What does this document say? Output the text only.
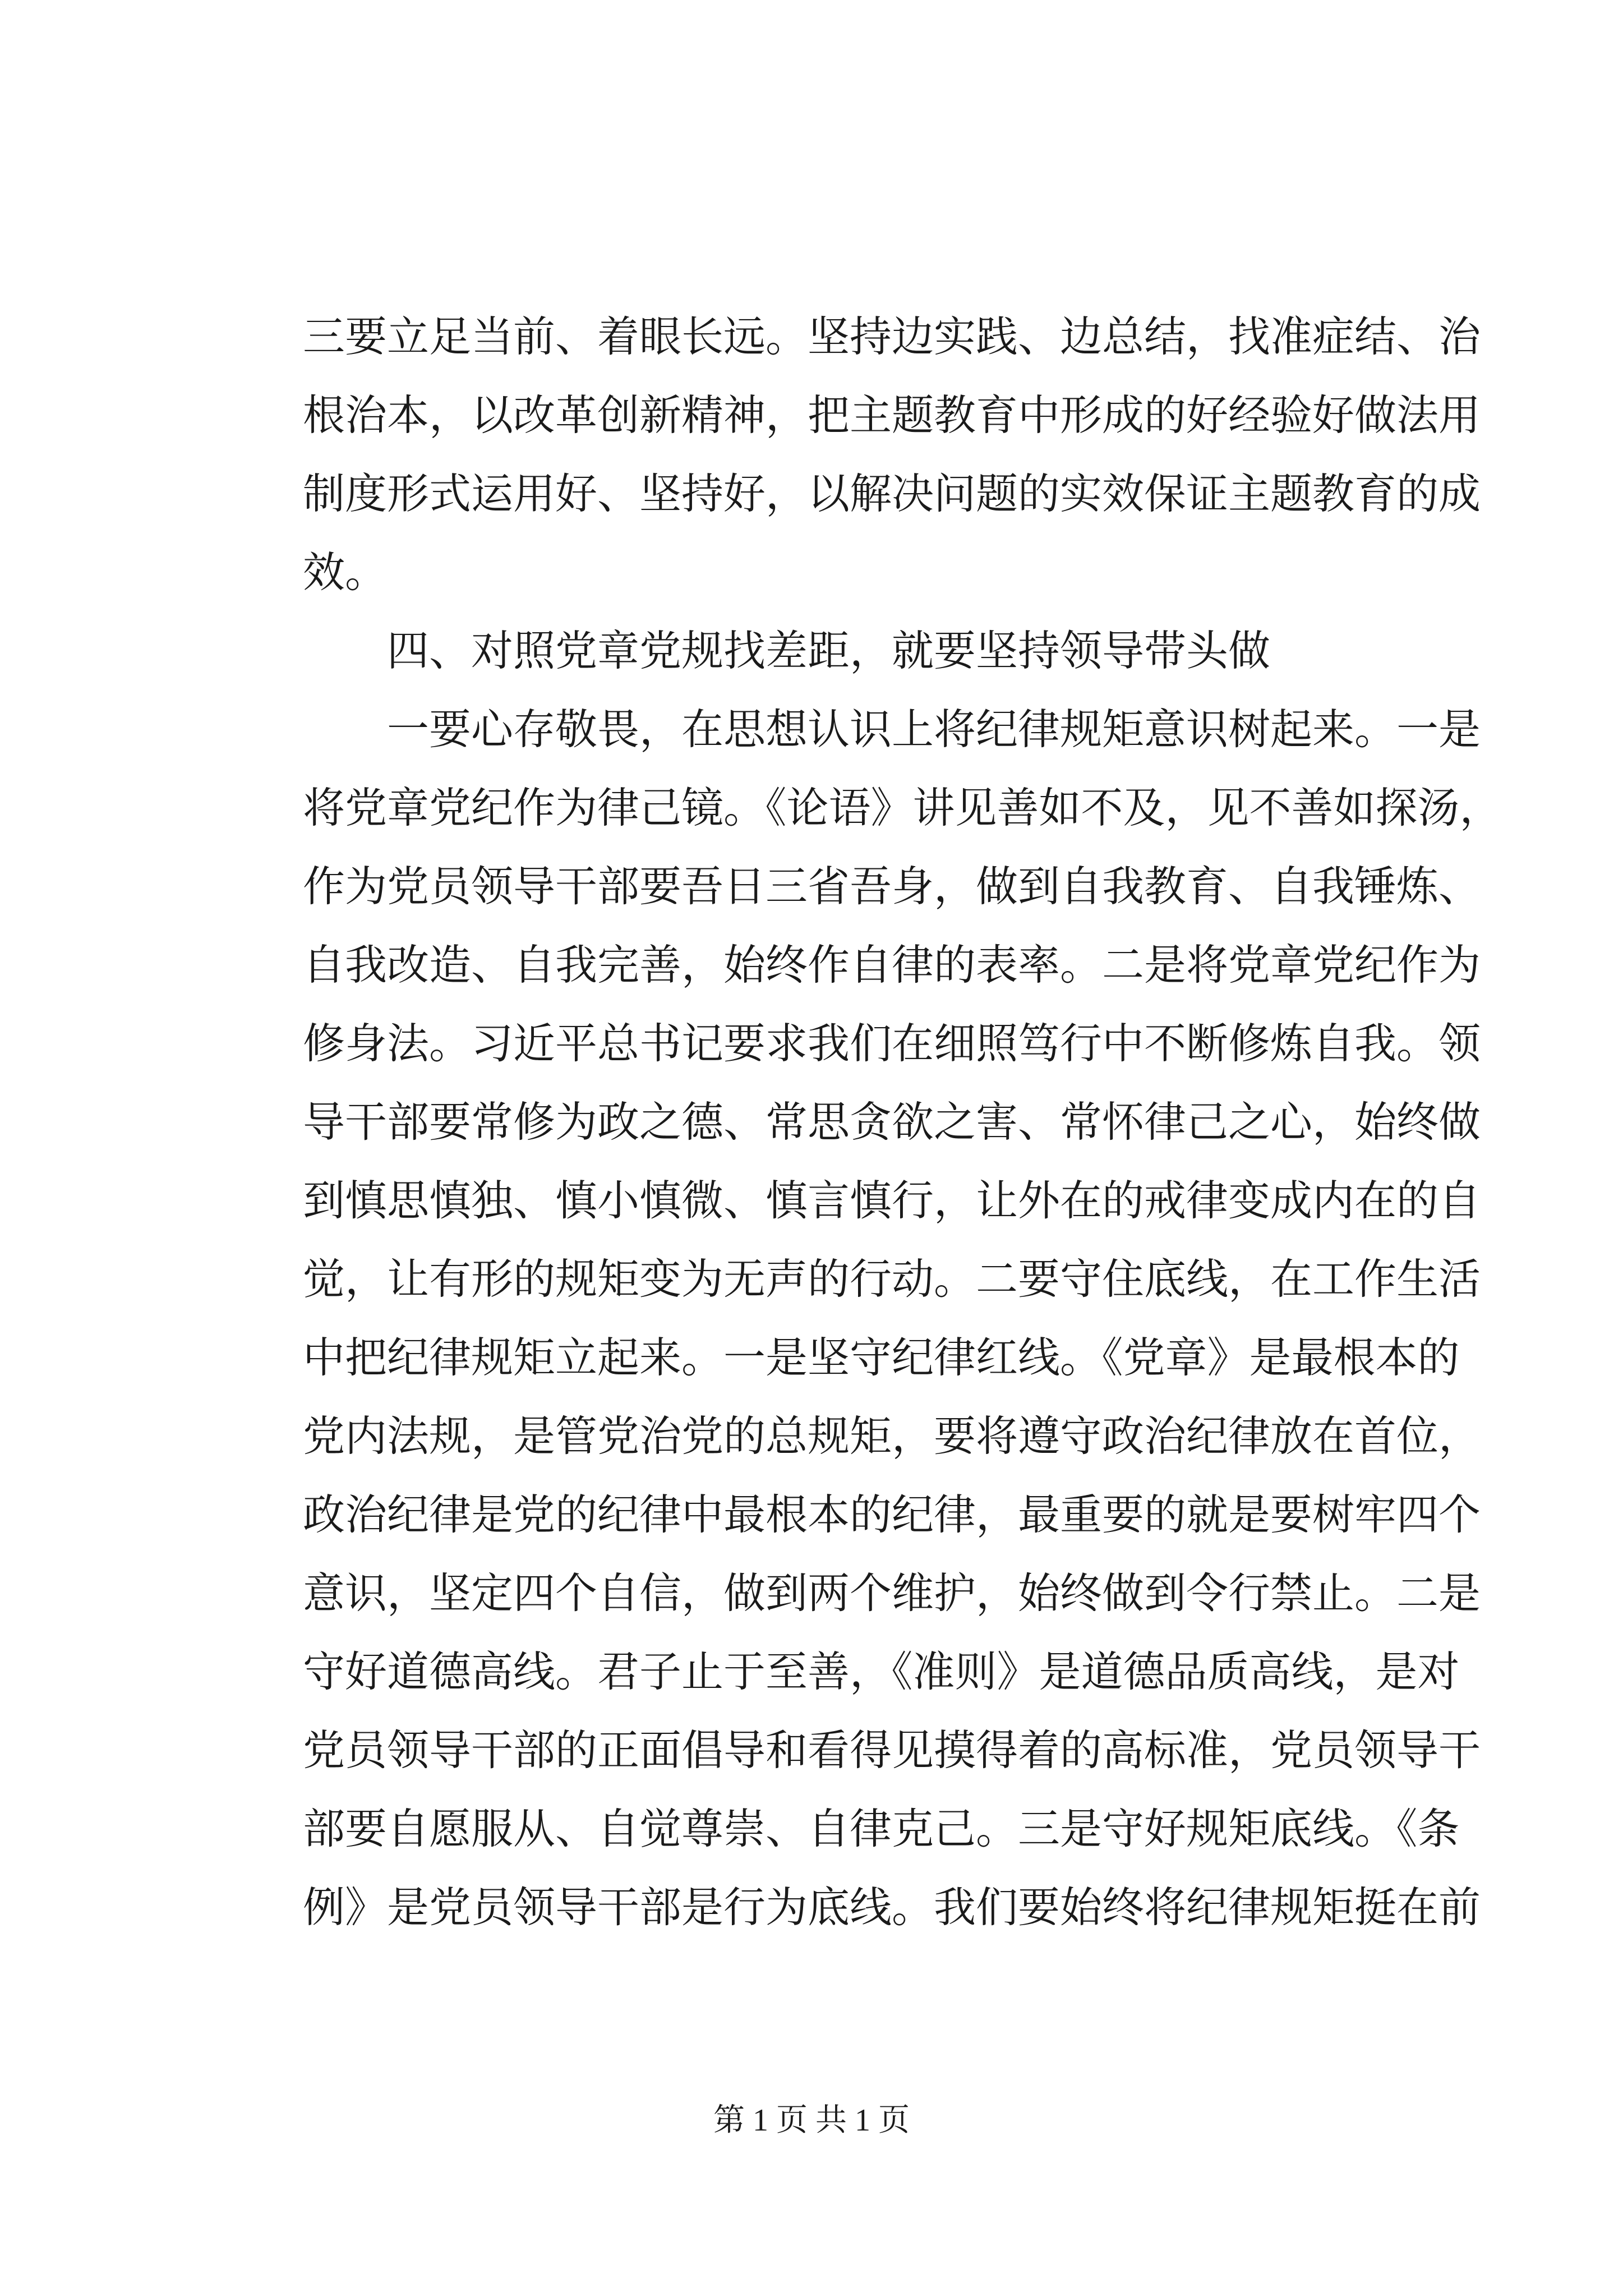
三要立足当前、着眼长远。坚持边实践、边总结，找准症结、治
根治本，以改革创新精神，把主题教育中形成的好经验好做法用
制度形式运用好、坚持好，以解决问题的实效保证主题教育的成
效。
四、对照党章党规找差距，就要坚持领导带头做
一要心存敬畏，在思想认识上将纪律规矩意识树起来。一是
将党章党纪作为律己镜。《论语》讲见善如不及，见不善如探汤，
作为党员领导干部要吾日三省吾身，做到自我教育、自我锤炼、
自我改造、自我完善，始终作自律的表率。二是将党章党纪作为
修身法。习近平总书记要求我们在细照笃行中不断修炼自我。领
导干部要常修为政之德、常思贪欲之害、常怀律己之心，始终做
到慎思慎独、慎小慎微、慎言慎行，让外在的戒律变成内在的自
觉，让有形的规矩变为无声的行动。二要守住底线，在工作生活
中把纪律规矩立起来。一是坚守纪律红线。《党章》是最根本的
党内法规，是管党治党的总规矩，要将遵守政治纪律放在首位，
政治纪律是党的纪律中最根本的纪律，最重要的就是要树牢四个
意识，坚定四个自信，做到两个维护，始终做到令行禁止。二是
守好道德高线。君子止于至善，《准则》是道德品质高线，是对
党员领导干部的正面倡导和看得见摸得着的高标准，党员领导干
部要自愿服从、自觉尊崇、自律克己。三是守好规矩底线。《条
例》是党员领导干部是行为底线。我们要始终将纪律规矩挺在前
第 1 页 共 1 页
